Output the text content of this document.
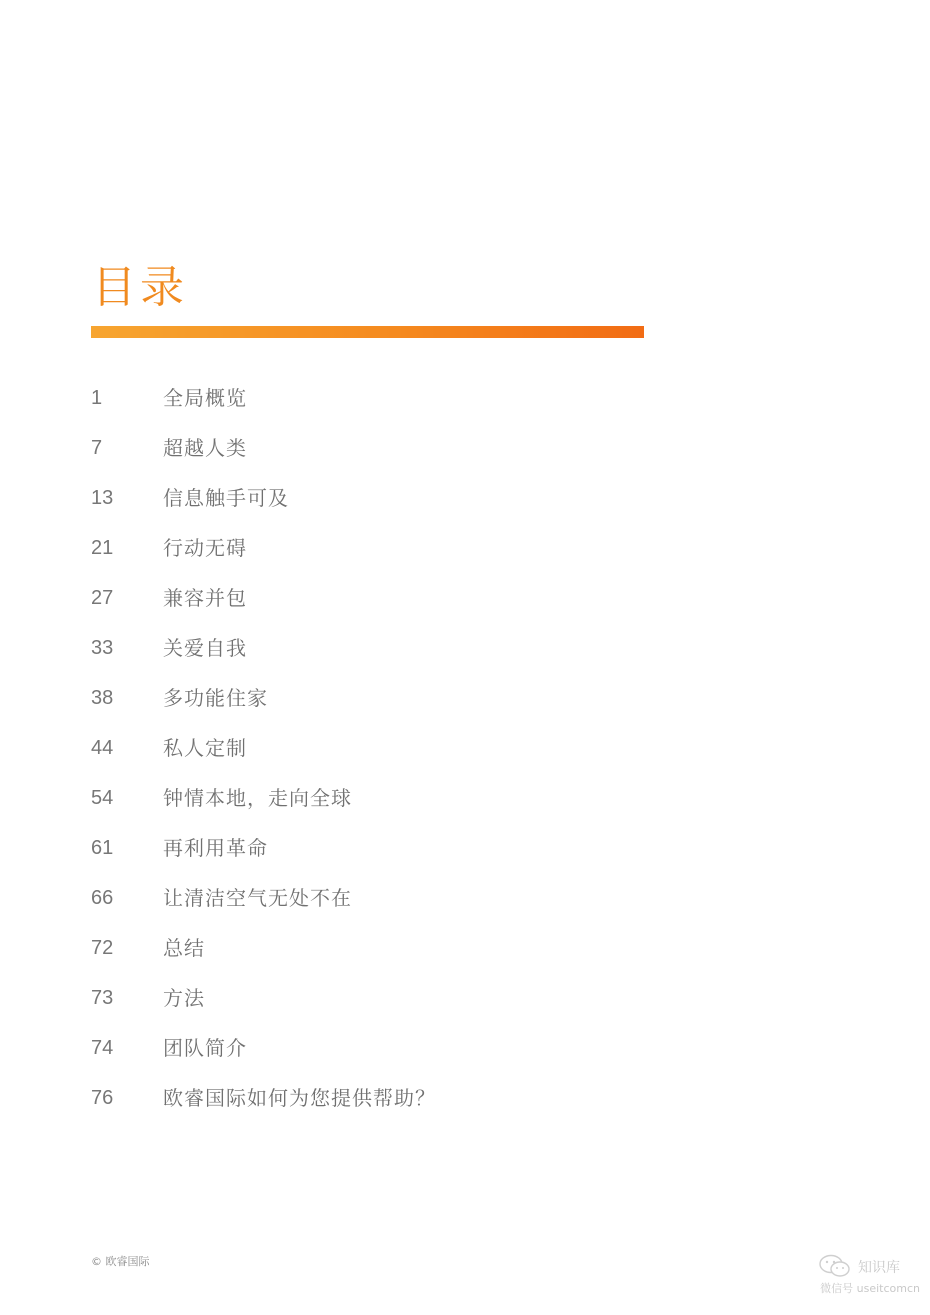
目录
1	全局概览
7	超越人类
13 信息触手可及
21 行动无碍
27 兼容并包
33 关爱自我
38 多功能住家
44 私人定制
54 钟情本地，走向全球
61 再利用革命
66 让清洁空气无处不在
72 总结
73 方法
74 团队简介
76 欧睿国际如何为您提供帮助？
© 欧睿国际	知识库
微信号 useitcomcn
